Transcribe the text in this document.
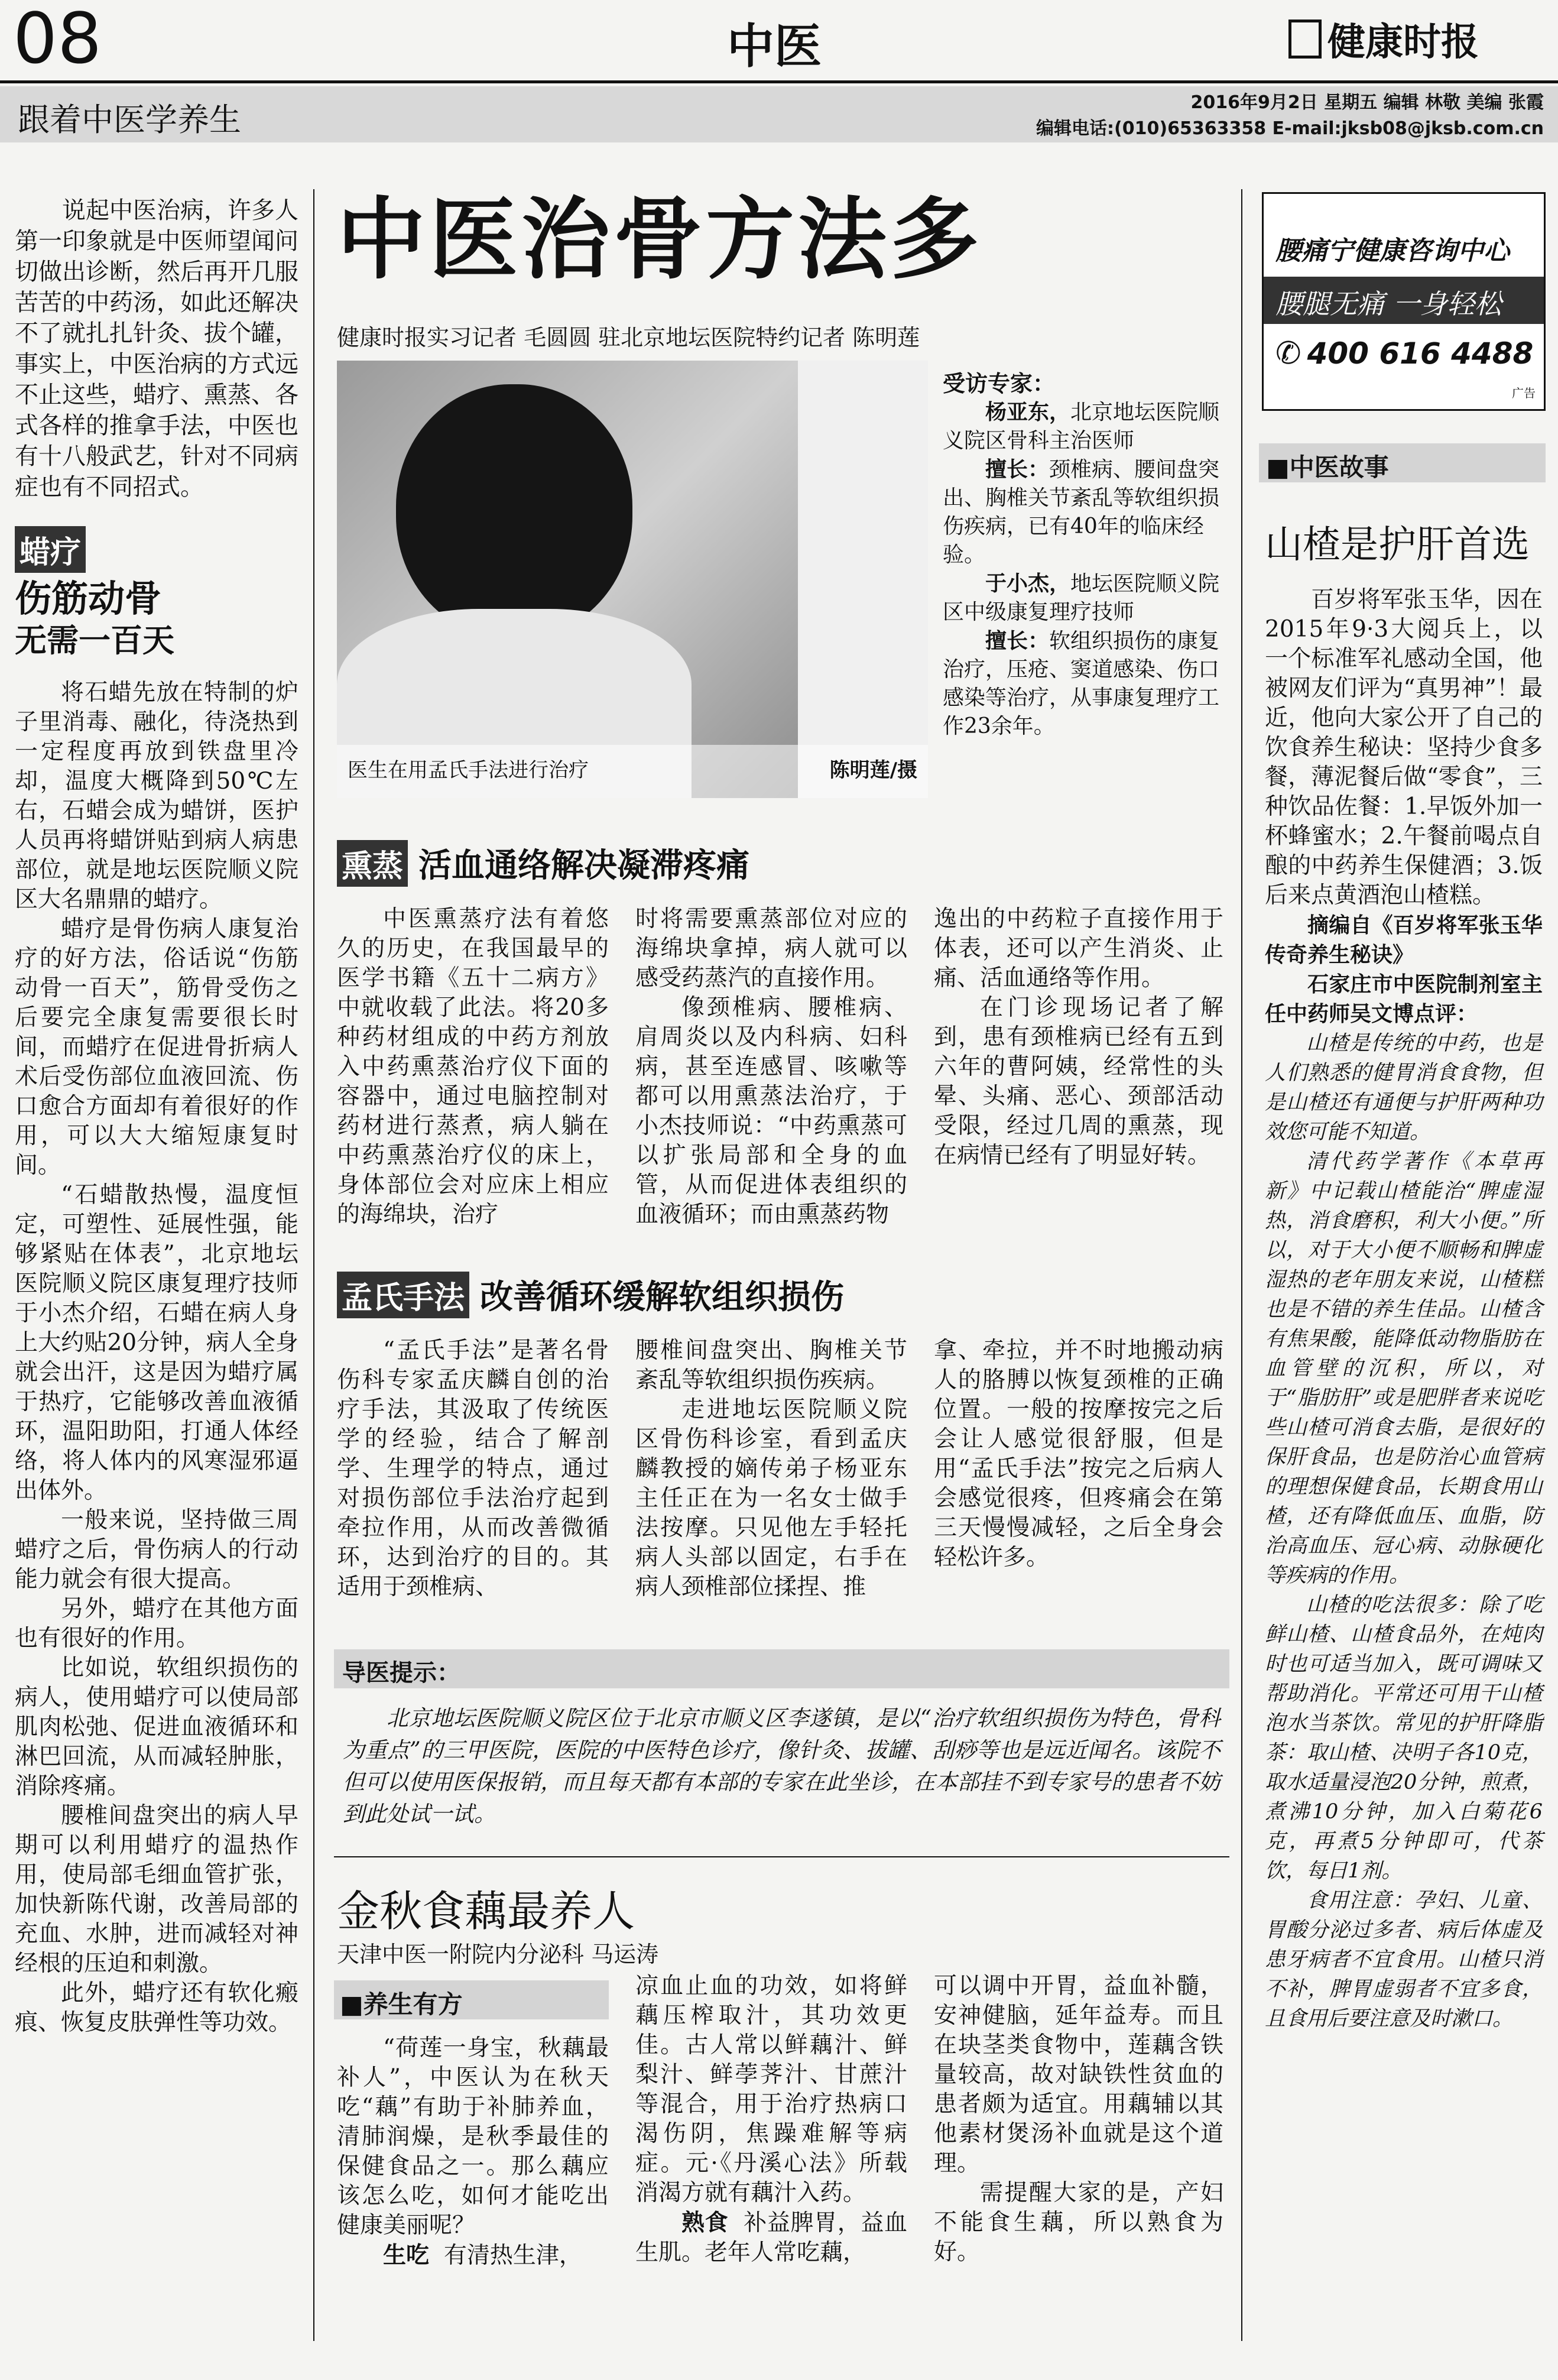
08	中医	健康时报
跟着中医学养生	2016年9月2日 星期五 编辑 林敬 美编 张霞
编辑电话:(010)65363358 E-mail:jksb08@jksb.com.cn

说起中医治病，许多人第一印象就是中医师望闻问切做出诊断，然后再开几服苦苦的中药汤，如此还解决不了就扎扎针灸、拔个罐，事实上，中医治病的方式远不止这些，蜡疗、熏蒸、各式各样的推拿手法，中医也有十八般武艺，针对不同病症也有不同招式。

蜡疗
伤筋动骨
无需一百天

将石蜡先放在特制的炉子里消毒、融化，待浇热到一定程度再放到铁盘里冷却，温度大概降到50℃左右，石蜡会成为蜡饼，医护人员再将蜡饼贴到病人病患部位，就是地坛医院顺义院区大名鼎鼎的蜡疗。

蜡疗是骨伤病人康复治疗的好方法，俗话说“伤筋动骨一百天”，筋骨受伤之后要完全康复需要很长时间，而蜡疗在促进骨折病人术后受伤部位血液回流、伤口愈合方面却有着很好的作用，可以大大缩短康复时间。

“石蜡散热慢，温度恒定，可塑性、延展性强，能够紧贴在体表”，北京地坛医院顺义院区康复理疗技师于小杰介绍，石蜡在病人身上大约贴20分钟，病人全身就会出汗，这是因为蜡疗属于热疗，它能够改善血液循环，温阳助阳，打通人体经络，将人体内的风寒湿邪逼出体外。

一般来说，坚持做三周蜡疗之后，骨伤病人的行动能力就会有很大提高。

另外，蜡疗在其他方面也有很好的作用。

比如说，软组织损伤的病人，使用蜡疗可以使局部肌肉松弛、促进血液循环和淋巴回流，从而减轻肿胀，消除疼痛。

腰椎间盘突出的病人早期可以利用蜡疗的温热作用，使局部毛细血管扩张，加快新陈代谢，改善局部的充血、水肿，进而减轻对神经根的压迫和刺激。

此外，蜡疗还有软化瘢痕、恢复皮肤弹性等功效。

中医治骨方法多
健康时报实习记者 毛圆圆 驻北京地坛医院特约记者 陈明莲
医生在用孟氏手法进行治疗	陈明莲/摄

受访专家：

杨亚东，北京地坛医院顺义院区骨科主治医师

擅长：颈椎病、腰间盘突出、胸椎关节紊乱等软组织损伤疾病，已有40年的临床经验。

于小杰，地坛医院顺义院区中级康复理疗技师

擅长：软组织损伤的康复治疗，压疮、窦道感染、伤口感染等治疗，从事康复理疗工作23余年。

熏蒸 活血通络解决凝滞疼痛

中医熏蒸疗法有着悠久的历史，在我国最早的医学书籍《五十二病方》中就收载了此法。将20多种药材组成的中药方剂放入中药熏蒸治疗仪下面的容器中，通过电脑控制对药材进行蒸煮，病人躺在中药熏蒸治疗仪的床上，身体部位会对应床上相应的海绵块，治疗

时将需要熏蒸部位对应的海绵块拿掉，病人就可以感受药蒸汽的直接作用。

像颈椎病、腰椎病、肩周炎以及内科病、妇科病，甚至连感冒、咳嗽等都可以用熏蒸法治疗，于小杰技师说：“中药熏蒸可以扩张局部和全身的血管，从而促进体表组织的血液循环；而由熏蒸药物

逸出的中药粒子直接作用于体表，还可以产生消炎、止痛、活血通络等作用。

在门诊现场记者了解到，患有颈椎病已经有五到六年的曹阿姨，经常性的头晕、头痛、恶心、颈部活动受限，经过几周的熏蒸，现在病情已经有了明显好转。

孟氏手法 改善循环缓解软组织损伤

“孟氏手法”是著名骨伤科专家孟庆麟自创的治疗手法，其汲取了传统医学的经验，结合了解剖学、生理学的特点，通过对损伤部位手法治疗起到牵拉作用，从而改善微循环，达到治疗的目的。其适用于颈椎病、

腰椎间盘突出、胸椎关节紊乱等软组织损伤疾病。

走进地坛医院顺义院区骨伤科诊室，看到孟庆麟教授的嫡传弟子杨亚东主任正在为一名女士做手法按摩。只见他左手轻托病人头部以固定，右手在病人颈椎部位揉捏、推

拿、牵拉，并不时地搬动病人的胳膊以恢复颈椎的正确位置。一般的按摩按完之后会让人感觉很舒服，但是用“孟氏手法”按完之后病人会感觉很疼，但疼痛会在第三天慢慢减轻，之后全身会轻松许多。

导医提示：

北京地坛医院顺义院区位于北京市顺义区李遂镇，是以“治疗软组织损伤为特色，骨科为重点”的三甲医院，医院的中医特色诊疗，像针灸、拔罐、刮痧等也是远近闻名。该院不但可以使用医保报销，而且每天都有本部的专家在此坐诊，在本部挂不到专家号的患者不妨到此处试一试。

金秋食藕最养人
天津中医一附院内分泌科 马运涛
■养生有方

“荷莲一身宝，秋藕最补人”，中医认为在秋天吃“藕”有助于补肺养血，清肺润燥，是秋季最佳的保健食品之一。那么藕应该怎么吃，如何才能吃出健康美丽呢？

生吃 有清热生津，

凉血止血的功效，如将鲜藕压榨取汁，其功效更佳。古人常以鲜藕汁、鲜梨汁、鲜荸荠汁、甘蔗汁等混合，用于治疗热病口渴伤阴，焦躁难解等病症。元·《丹溪心法》所载消渴方就有藕汁入药。

熟食 补益脾胃，益血生肌。老年人常吃藕，

可以调中开胃，益血补髓，安神健脑，延年益寿。而且在块茎类食物中，莲藕含铁量较高，故对缺铁性贫血的患者颇为适宜。用藕辅以其他素材煲汤补血就是这个道理。

需提醒大家的是，产妇不能食生藕，所以熟食为好。

腰痛宁健康咨询中心
腰腿无痛 一身轻松
✆ 400 616 4488
广告
■中医故事
山楂是护肝首选

百岁将军张玉华，因在2015年9·3大阅兵上，以一个标准军礼感动全国，他被网友们评为“真男神”！最近，他向大家公开了自己的饮食养生秘诀：坚持少食多餐，薄泥餐后做“零食”，三种饮品佐餐：1.早饭外加一杯蜂蜜水；2.午餐前喝点自酿的中药养生保健酒；3.饭后来点黄酒泡山楂糕。

摘编自《百岁将军张玉华传奇养生秘诀》

石家庄市中医院制剂室主任中药师吴文博点评：

山楂是传统的中药，也是人们熟悉的健胃消食食物，但是山楂还有通便与护肝两种功效您可能不知道。

清代药学著作《本草再新》中记载山楂能治“脾虚湿热，消食磨积，利大小便。”所以，对于大小便不顺畅和脾虚湿热的老年朋友来说，山楂糕也是不错的养生佳品。山楂含有焦果酸，能降低动物脂肪在血管壁的沉积，所以，对于“脂肪肝”或是肥胖者来说吃些山楂可消食去脂，是很好的保肝食品，也是防治心血管病的理想保健食品，长期食用山楂，还有降低血压、血脂，防治高血压、冠心病、动脉硬化等疾病的作用。

山楂的吃法很多：除了吃鲜山楂、山楂食品外，在炖肉时也可适当加入，既可调味又帮助消化。平常还可用干山楂泡水当茶饮。常见的护肝降脂茶：取山楂、决明子各10克，取水适量浸泡20分钟，煎煮，煮沸10分钟，加入白菊花6克，再煮5分钟即可，代茶饮，每日1剂。

食用注意：孕妇、儿童、胃酸分泌过多者、病后体虚及患牙病者不宜食用。山楂只消不补，脾胃虚弱者不宜多食，且食用后要注意及时漱口。
